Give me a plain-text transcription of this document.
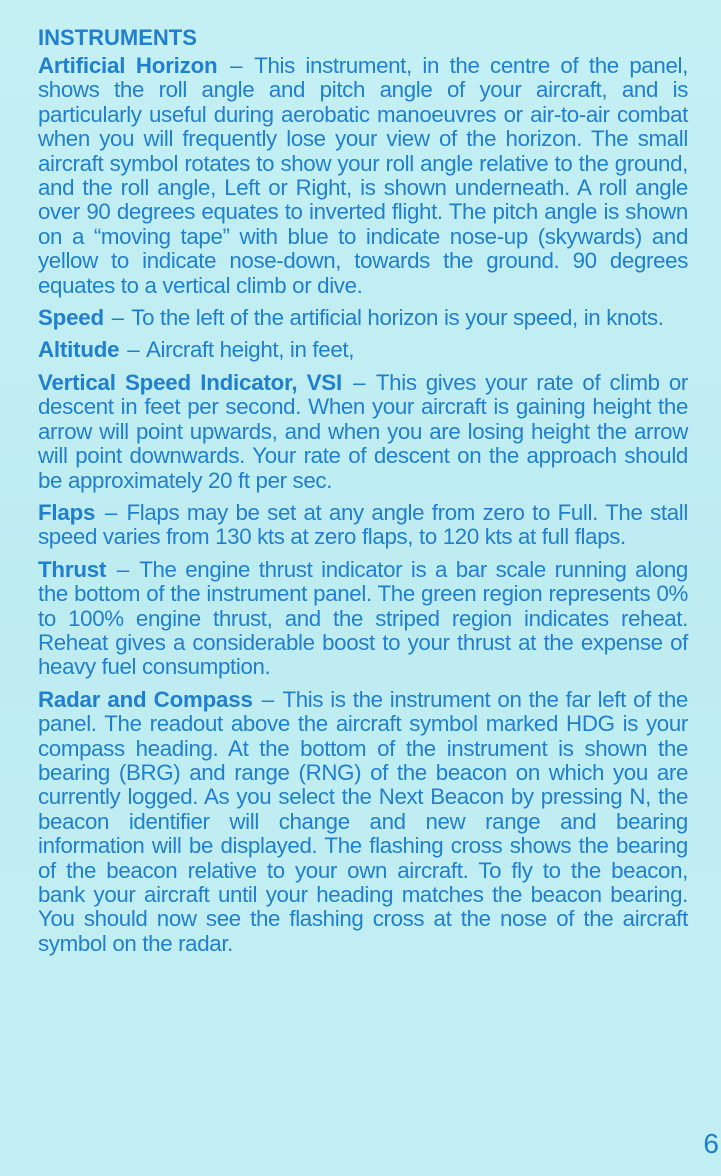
INSTRUMENTS

Artificial Horizon – This instrument, in the centre of the panel, shows the roll angle and pitch angle of your aircraft, and is particularly useful during aerobatic manoeuvres or air-to-air combat when you will frequently lose your view of the horizon. The small aircraft symbol rotates to show your roll angle relative to the ground, and the roll angle, Left or Right, is shown underneath. A roll angle over 90 degrees equates to inverted flight. The pitch angle is shown on a “moving tape” with blue to indicate nose-up (skywards) and yellow to indicate nose-down, towards the ground. 90 degrees equates to a vertical climb or dive.

Speed – To the left of the artificial horizon is your speed, in knots.

Altitude – Aircraft height, in feet,

Vertical Speed Indicator, VSI – This gives your rate of climb or descent in feet per second. When your aircraft is gaining height the arrow will point upwards, and when you are losing height the arrow will point downwards. Your rate of descent on the approach should be approximately 20 ft per sec.

Flaps – Flaps may be set at any angle from zero to Full. The stall speed varies from 130 kts at zero flaps, to 120 kts at full flaps.

Thrust – The engine thrust indicator is a bar scale running along the bottom of the instrument panel. The green region represents 0% to 100% engine thrust, and the striped region indicates reheat. Reheat gives a considerable boost to your thrust at the expense of heavy fuel consumption.

Radar and Compass – This is the instrument on the far left of the panel. The readout above the aircraft symbol marked HDG is your compass heading. At the bottom of the instrument is shown the bearing (BRG) and range (RNG) of the beacon on which you are currently logged. As you select the Next Beacon by pressing N, the beacon identifier will change and new range and bearing information will be displayed. The flashing cross shows the bearing of the beacon relative to your own aircraft. To fly to the beacon, bank your aircraft until your heading matches the beacon bearing. You should now see the flashing cross at the nose of the aircraft symbol on the radar.

6
